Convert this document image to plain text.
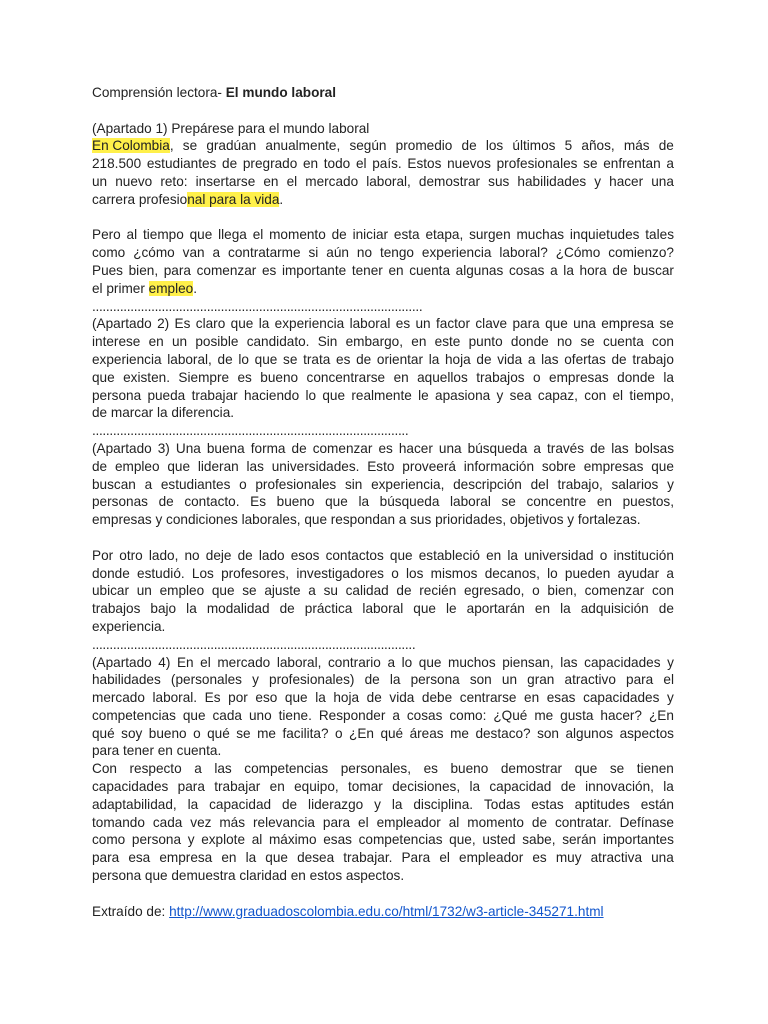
Comprensión lectora- El mundo laboral
(Apartado 1) Prepárese para el mundo laboral
En Colombia, se gradúan anualmente, según promedio de los últimos 5 años, más de
218.500 estudiantes de pregrado en todo el país. Estos nuevos profesionales se enfrentan a
un nuevo reto: insertarse en el mercado laboral, demostrar sus habilidades y hacer una
carrera profesional para la vida.
Pero al tiempo que llega el momento de iniciar esta etapa, surgen muchas inquietudes tales
como ¿cómo van a contratarme si aún no tengo experiencia laboral? ¿Cómo comienzo?
Pues bien, para comenzar es importante tener en cuenta algunas cosas a la hora de buscar
el primer empleo.
...............................................................................................
(Apartado 2) Es claro que la experiencia laboral es un factor clave para que una empresa se
interese en un posible candidato. Sin embargo, en este punto donde no se cuenta con
experiencia laboral, de lo que se trata es de orientar la hoja de vida a las ofertas de trabajo
que existen. Siempre es bueno concentrarse en aquellos trabajos o empresas donde la
persona pueda trabajar haciendo lo que realmente le apasiona y sea capaz, con el tiempo,
de marcar la diferencia.
...........................................................................................
(Apartado 3) Una buena forma de comenzar es hacer una búsqueda a través de las bolsas
de empleo que lideran las universidades. Esto proveerá información sobre empresas que
buscan a estudiantes o profesionales sin experiencia, descripción del trabajo, salarios y
personas de contacto. Es bueno que la búsqueda laboral se concentre en puestos,
empresas y condiciones laborales, que respondan a sus prioridades, objetivos y fortalezas.
Por otro lado, no deje de lado esos contactos que estableció en la universidad o institución
donde estudió. Los profesores, investigadores o los mismos decanos, lo pueden ayudar a
ubicar un empleo que se ajuste a su calidad de recién egresado, o bien, comenzar con
trabajos bajo la modalidad de práctica laboral que le aportarán en la adquisición de
experiencia.
.............................................................................................
(Apartado 4) En el mercado laboral, contrario a lo que muchos piensan, las capacidades y
habilidades (personales y profesionales) de la persona son un gran atractivo para el
mercado laboral. Es por eso que la hoja de vida debe centrarse en esas capacidades y
competencias que cada uno tiene. Responder a cosas como: ¿Qué me gusta hacer? ¿En
qué soy bueno o qué se me facilita? o ¿En qué áreas me destaco? son algunos aspectos
para tener en cuenta.
Con respecto a las competencias personales, es bueno demostrar que se tienen
capacidades para trabajar en equipo, tomar decisiones, la capacidad de innovación, la
adaptabilidad, la capacidad de liderazgo y la disciplina. Todas estas aptitudes están
tomando cada vez más relevancia para el empleador al momento de contratar. Defínase
como persona y explote al máximo esas competencias que, usted sabe, serán importantes
para esa empresa en la que desea trabajar. Para el empleador es muy atractiva una
persona que demuestra claridad en estos aspectos.
Extraído de: http://www.graduadoscolombia.edu.co/html/1732/w3-article-345271.html
